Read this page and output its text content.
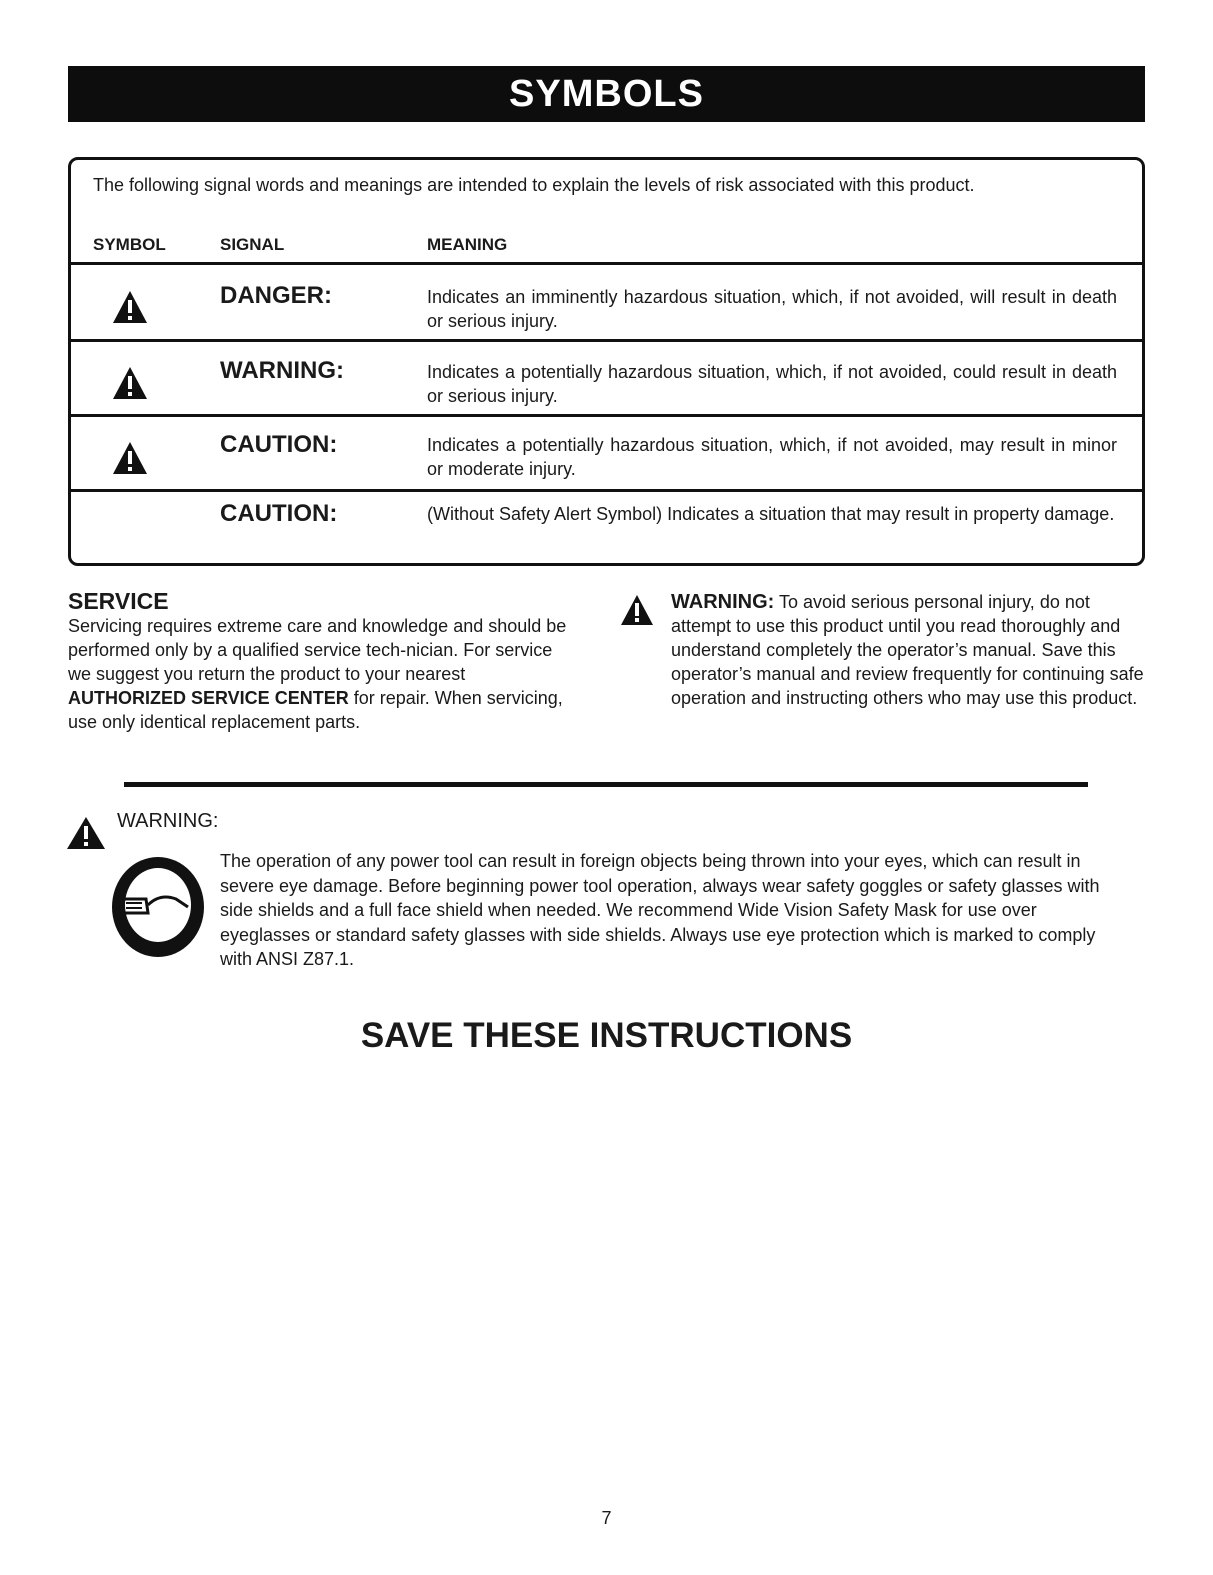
SYMBOLS
The following signal words and meanings are intended to explain the levels of risk associated with this product.
SYMBOL	SIGNAL	MEANING
DANGER:	Indicates an imminently hazardous situation, which, if not avoided, will result in death or serious injury.
WARNING:	Indicates a potentially hazardous situation, which, if not avoided, could result in death or serious injury.
CAUTION:	Indicates a potentially hazardous situation, which, if not avoided, may result in minor or moderate injury.
CAUTION:	(Without Safety Alert Symbol) Indicates a situation that may result in property damage.
SERVICE
Servicing requires extreme care and knowledge and should be performed only by a qualified service tech-nician. For service we suggest you return the product to your nearest AUTHORIZED SERVICE CENTER for repair. When servicing, use only identical replacement parts.
WARNING: To avoid serious personal injury, do not attempt to use this product until you read thoroughly and understand completely the operator’s manual. Save this operator’s manual and review frequently for continuing safe operation and instructing others who may use this product.
WARNING:
The operation of any power tool can result in foreign objects being thrown into your eyes, which can result in severe eye damage. Before beginning power tool operation, always wear safety goggles or safety glasses with side shields and a full face shield when needed. We recommend Wide Vision Safety Mask for use over eyeglasses or standard safety glasses with side shields. Always use eye protection which is marked to comply with ANSI Z87.1.
SAVE THESE INSTRUCTIONS
7
